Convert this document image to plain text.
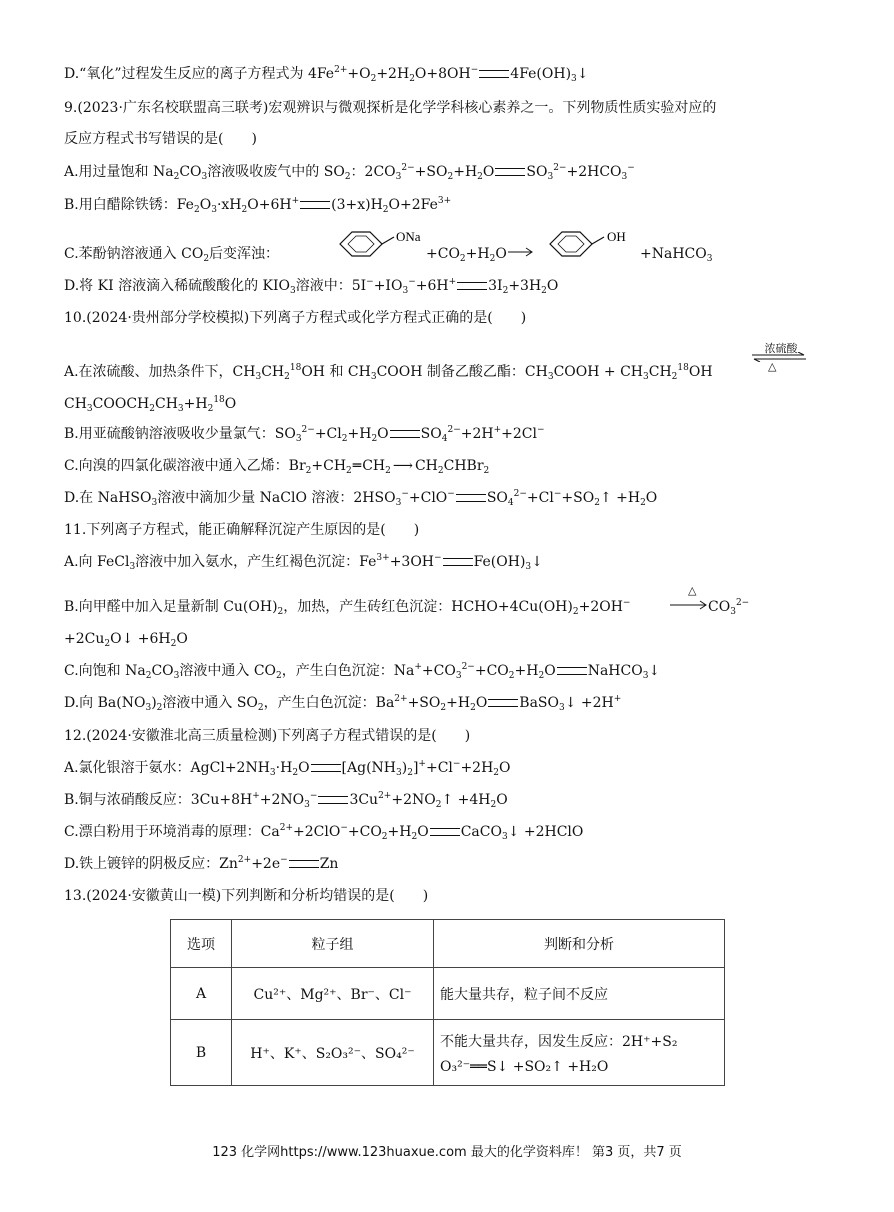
D.“氧化”过程发生反应的离子方程式为 $4Fe^{2+}+O_2+2H_2O+8OH^-$ $4Fe(OH)_3↓$
9.(2023·广东名校联盟高三联考)宏观辨识与微观探析是化学学科核心素养之一。下列物质性质实验对应的
反应方程式书写错误的是(　　)
A.用过量饱和 $Na_2CO_3$溶液吸收废气中的 $SO_2$：$2CO_3^{2-}+SO_2+H_2O$ $SO_3^{2-}+2HCO_3^-$
B.用白醋除铁锈：$Fe_2O_3\cdot xH_2O+6H^+$ $(3+x)H_2O+2Fe^{3+}$
C.苯酚钠溶液通入 $CO_2$后变浑浊：
ONa	OH
$+CO_2+H_2O$	+NaHCO$_3$
D.将 KI 溶液滴入稀硫酸酸化的 $KIO_3$溶液中：$5I^-+IO_3^-+6H^+$ $3I_2+3H_2O$
10.(2024·贵州部分学校模拟)下列离子方程式或化学方程式正确的是(　　)
A.在浓硫酸、加热条件下，$CH_3CH_2^{18}OH$ 和 $CH_3COOH$ 制备乙酸乙酯：$CH_3COOH + CH_3CH_2^{18}OH$
浓硫酸
△
$CH_3COOCH_2CH_3+H_2^{18}O$
B.用亚硫酸钠溶液吸收少量氯气：$SO_3^{2-}+Cl_2+H_2O$ $SO_4^{2-}+2H^++2Cl^-$
C.向溴的四氯化碳溶液中通入乙烯：$Br_2+CH_2═CH_2$ ⟶ $CH_2CHBr_2$
D.在 NaHSO$_3$溶液中滴加少量 NaClO 溶液：$2HSO_3^-+ClO^-$ $SO_4^{2-}+Cl^-+SO_2↑ +H_2O$
11.下列离子方程式，能正确解释沉淀产生原因的是(　　)
A.向 FeCl$_3$溶液中加入氨水，产生红褐色沉淀：$Fe^{3+}+3OH^-$ $Fe(OH)_3↓$
B.向甲醛中加入足量新制 $Cu(OH)_2$，加热，产生砖红色沉淀：$HCHO+4Cu(OH)_2+2OH^-$
△
$CO_3^{2-}$
$+2Cu_2O↓ +6H_2O$
C.向饱和 $Na_2CO_3$溶液中通入 $CO_2$，产生白色沉淀：$Na^++CO_3^{2-}+CO_2+H_2O$ NaHCO$_3$↓
D.向 $Ba(NO_3)_2$溶液中通入 $SO_2$，产生白色沉淀：$Ba^{2+}+SO_2+H_2O$ BaSO$_3$↓ +2H+
12.(2024·安徽淮北高三质量检测)下列离子方程式错误的是(　　)
A.氯化银溶于氨水：$AgCl+2NH_3\cdot H_2O$ $[Ag(NH_3)_2]^++Cl^-+2H_2O$
B.铜与浓硝酸反应：$3Cu+8H^++2NO_3^-$ $3Cu^{2+}+2NO_2↑ +4H_2O$
C.漂白粉用于环境消毒的原理：$Ca^{2+}+2ClO^-+CO_2+H_2O$ CaCO$_3$↓ +2HClO
D.铁上镀锌的阴极反应：$Zn^{2+}+2e^-$ Zn
13.(2024·安徽黄山一模)下列判断和分析均错误的是(　　)
选项	粒子组	判断和分析
A	Cu²⁺、Mg²⁺、Br⁻、Cl⁻	能大量共存，粒子间不反应
B	H⁺、K⁺、S₂O₃²⁻、SO₄²⁻	不能大量共存，因发生反应：2H⁺+S₂
O₃²⁻══S↓ +SO₂↑ +H₂O
123 化学网https://www.123huaxue.com 最大的化学资料库！ 第3 页，共7 页
